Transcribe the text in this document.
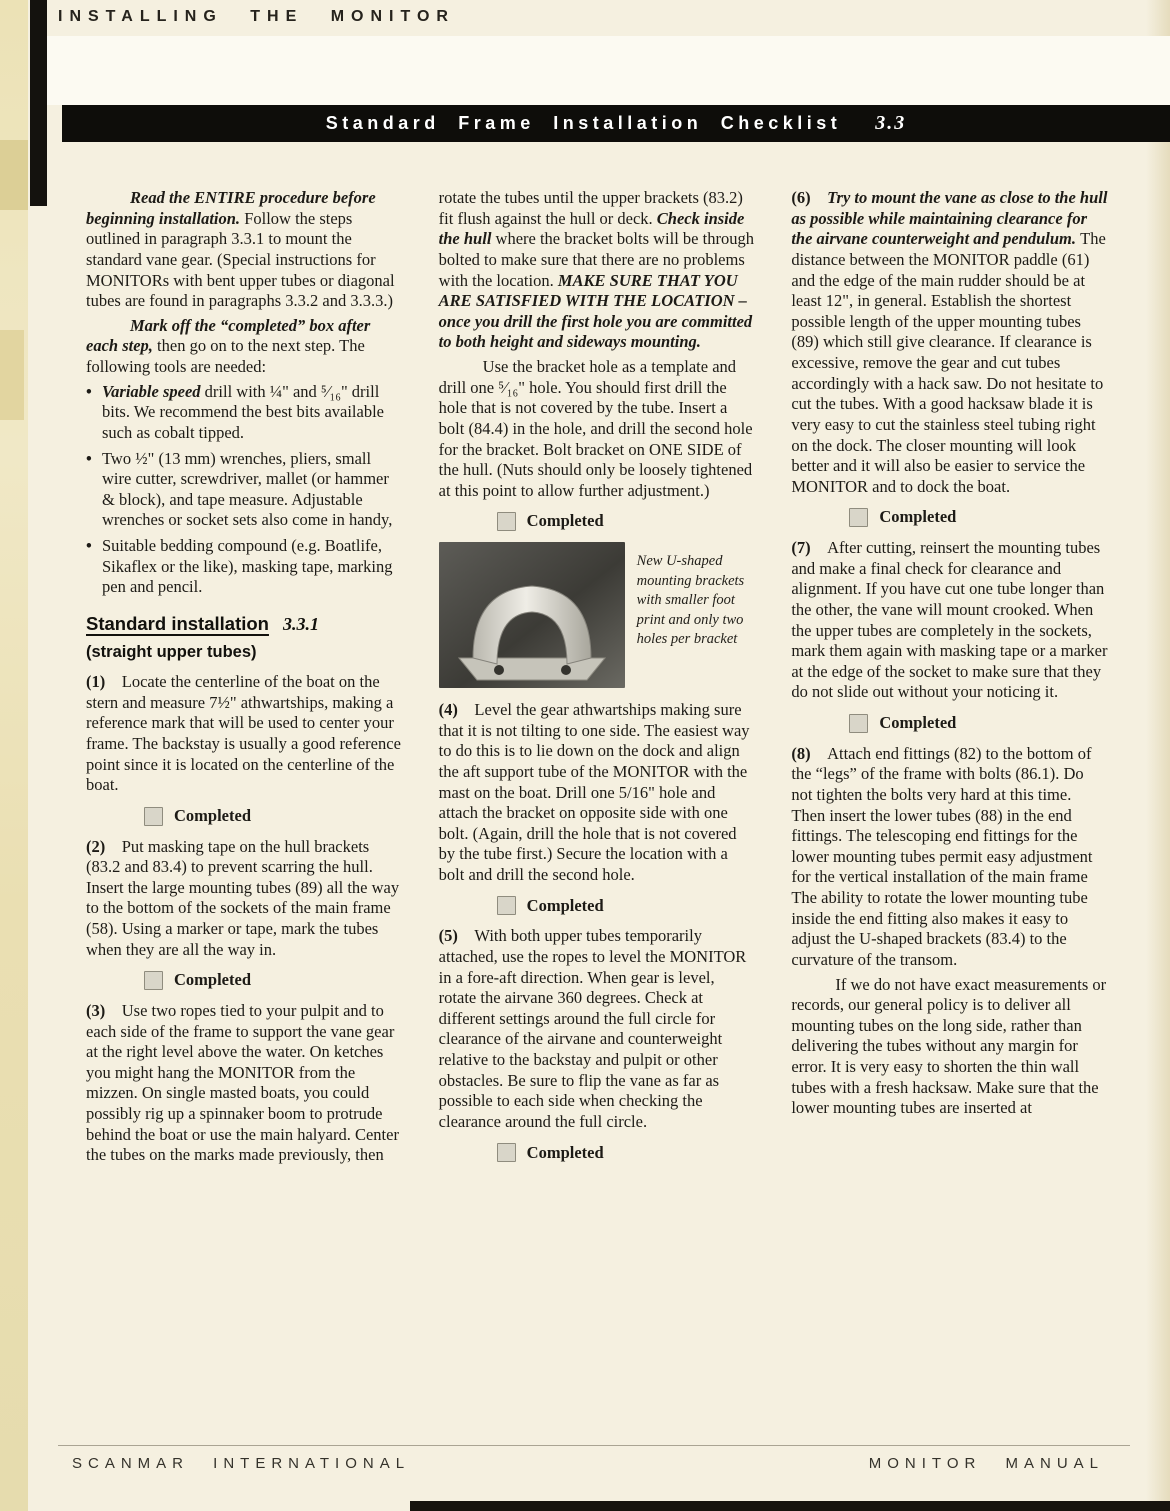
INSTALLING THE MONITOR
Standard Frame Installation Checklist 3.3

Read the ENTIRE procedure before beginning installation. Follow the steps outlined in paragraph 3.3.1 to mount the standard vane gear. (Special instructions for MONITORs with bent upper tubes or diagonal tubes are found in paragraphs 3.3.2 and 3.3.3.)

Mark off the “completed” box after each step, then go on to the next step. The following tools are needed:

• Variable speed drill with ¼" and ⁵⁄₁₆" drill bits. We recommend the best bits available such as cobalt tipped.
• Two ½" (13 mm) wrenches, pliers, small wire cutter, screwdriver, mallet (or hammer & block), and tape measure. Adjustable wrenches or socket sets also come in handy,
• Suitable bedding compound (e.g. Boatlife, Sikaflex or the like), masking tape, marking pen and pencil.
Standard installation 3.3.1
(straight upper tubes)

(1) Locate the centerline of the boat on the stern and measure 7½" athwartships, making a reference mark that will be used to center your frame. The backstay is usually a good reference point since it is located on the centerline of the boat.

Completed

(2) Put masking tape on the hull brackets (83.2 and 83.4) to prevent scarring the hull. Insert the large mounting tubes (89) all the way to the bottom of the sockets of the main frame (58). Using a marker or tape, mark the tubes when they are all the way in.

Completed

(3) Use two ropes tied to your pulpit and to each side of the frame to support the vane gear at the right level above the water. On ketches you might hang the MONITOR from the mizzen. On single masted boats, you could possibly rig up a spinnaker boom to protrude behind the boat or use the main halyard. Center the tubes on the marks made previously, then

rotate the tubes until the upper brackets (83.2) fit flush against the hull or deck. Check inside the hull where the bracket bolts will be through bolted to make sure that there are no problems with the location. MAKE SURE THAT YOU ARE SATISFIED WITH THE LOCATION – once you drill the first hole you are committed to both height and sideways mounting.

Use the bracket hole as a template and drill one ⁵⁄₁₆" hole. You should first drill the hole that is not covered by the tube. Insert a bolt (84.4) in the hole, and drill the second hole for the bracket. Bolt bracket on ONE SIDE of the hull. (Nuts should only be loosely tightened at this point to allow further adjustment.)

Completed
New U-shaped mounting brackets with smaller foot print and only two holes per bracket

(4) Level the gear athwartships making sure that it is not tilting to one side. The easiest way to do this is to lie down on the dock and align the aft support tube of the MONITOR with the mast on the boat. Drill one 5/16" hole and attach the bracket on opposite side with one bolt. (Again, drill the hole that is not covered by the tube first.) Secure the location with a bolt and drill the second hole.

Completed

(5) With both upper tubes temporarily attached, use the ropes to level the MONITOR in a fore-aft direction. When gear is level, rotate the airvane 360 degrees. Check at different settings around the full circle for clearance of the airvane and counterweight relative to the backstay and pulpit or other obstacles. Be sure to flip the vane as far as possible to each side when checking the clearance around the full circle.

Completed

(6) Try to mount the vane as close to the hull as possible while maintaining clearance for the airvane counterweight and pendulum. The distance between the MONITOR paddle (61) and the edge of the main rudder should be at least 12", in general. Establish the shortest possible length of the upper mounting tubes (89) which still give clearance. If clearance is excessive, remove the gear and cut tubes accordingly with a hack saw. Do not hesitate to cut the tubes. With a good hacksaw blade it is very easy to cut the stainless steel tubing right on the dock. The closer mounting will look better and it will also be easier to service the MONITOR and to dock the boat.

Completed

(7) After cutting, reinsert the mounting tubes and make a final check for clearance and alignment. If you have cut one tube longer than the other, the vane will mount crooked. When the upper tubes are completely in the sockets, mark them again with masking tape or a marker at the edge of the socket to make sure that they do not slide out without your noticing it.

Completed

(8) Attach end fittings (82) to the bottom of the “legs” of the frame with bolts (86.1). Do not tighten the bolts very hard at this time. Then insert the lower tubes (88) in the end fittings. The telescoping end fittings for the lower mounting tubes permit easy adjustment for the vertical installation of the main frame The ability to rotate the lower mounting tube inside the end fitting also makes it easy to adjust the U-shaped brackets (83.4) to the curvature of the transom.

If we do not have exact measurements or records, our general policy is to deliver all mounting tubes on the long side, rather than delivering the tubes without any margin for error. It is very easy to shorten the thin wall tubes with a fresh hacksaw. Make sure that the lower mounting tubes are inserted at

SCANMAR INTERNATIONAL	MONITOR MANUAL
